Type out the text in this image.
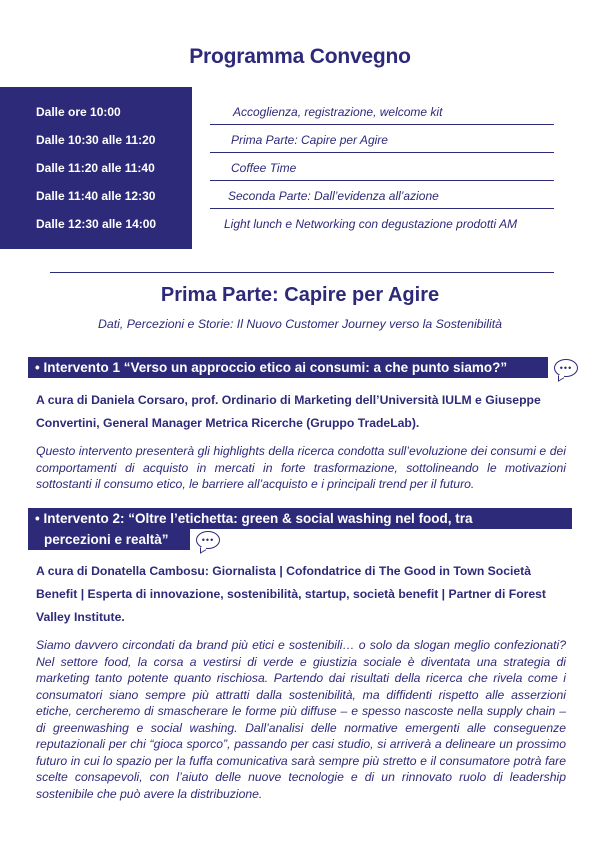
Programma Convegno
Dalle ore 10:00
Dalle 10:30 alle 11:20
Dalle 11:20 alle 11:40
Dalle 11:40 alle 12:30
Dalle 12:30 alle 14:00
Accoglienza, registrazione, welcome kit
Prima Parte: Capire per Agire
Coffee Time
Seconda Parte: Dall’evidenza all’azione
Light lunch e Networking con degustazione prodotti AM
Prima Parte: Capire per Agire
Dati, Percezioni e Storie: Il Nuovo Customer Journey verso la Sostenibilità
• Intervento 1 “Verso un approccio etico ai consumi: a che punto siamo?”	•••
A cura di Daniela Corsaro, prof. Ordinario di Marketing dell’Università IULM e Giuseppe Convertini, General Manager Metrica Ricerche (Gruppo TradeLab).
Questo intervento presenterà gli highlights della ricerca condotta sull’evoluzione dei consumi e dei comportamenti di acquisto in mercati in forte trasformazione, sottolineando le motivazioni sottostanti il consumo etico, le barriere all’acquisto e i principali trend per il futuro.
• Intervento 2: “Oltre l’etichetta: green & social washing nel food, tra
percezioni e realtà”	•••
A cura di Donatella Cambosu: Giornalista | Cofondatrice di The Good in Town Società Benefit | Esperta di innovazione, sostenibilità, startup, società benefit | Partner di Forest Valley Institute.
Siamo davvero circondati da brand più etici e sostenibili… o solo da slogan meglio confezionati? Nel settore food, la corsa a vestirsi di verde e giustizia sociale è diventata una strategia di marketing tanto potente quanto rischiosa. Partendo dai risultati della ricerca che rivela come i consumatori siano sempre più attratti dalla sostenibilità, ma diffidenti rispetto alle asserzioni etiche, cercheremo di smascherare le forme più diffuse – e spesso nascoste nella supply chain – di greenwashing e social washing. Dall’analisi delle normative emergenti alle conseguenze reputazionali per chi “gioca sporco”, passando per casi studio, si arriverà a delineare un prossimo futuro in cui lo spazio per la fuffa comunicativa sarà sempre più stretto e il consumatore potrà fare scelte consapevoli, con l’aiuto delle nuove tecnologie e di un rinnovato ruolo di leadership sostenibile che può avere la distribuzione.
